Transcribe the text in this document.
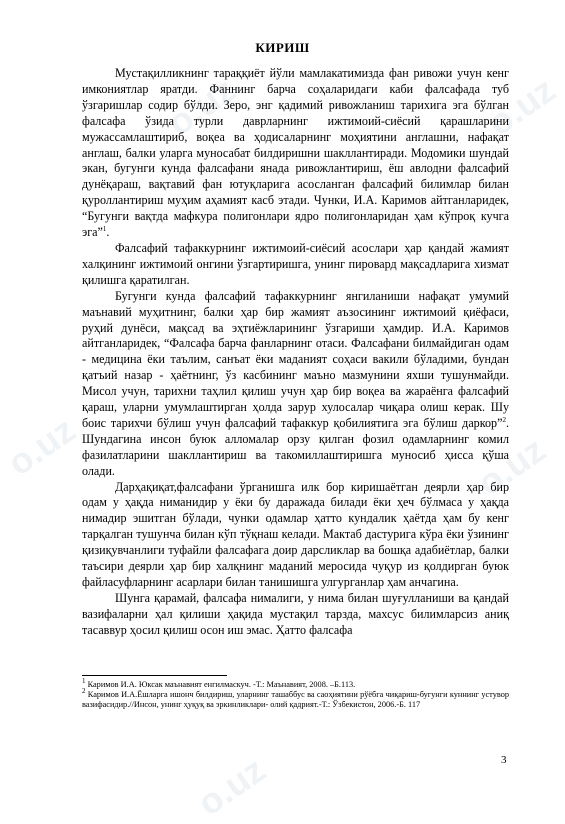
o.uz	o.uz
o.uz	o.uz
o.uz
КИРИШ

Мустақилликнинг тараққиёт йўли мамлакатимизда фан ривожи учун кенг имкониятлар яратди. Фаннинг барча соҳаларидаги каби фалсафада туб ўзгаришлар содир бўлди. Зеро, энг қадимий ривожланиш тарихига эга бўлган фалсафа ўзида турли даврларнинг ижтимоий-сиёсий қарашларини мужассамлаштириб, воқеа ва ҳодисаларнинг моҳиятини англашни, нафақат англаш, балки уларга муносабат билдиришни шакллантиради. Модомики шундай экан, бугунги кунда фалсафани янада ривожлантириш, ёш авлодни фалсафий дунёқараш, вақтавий фан ютуқларига асосланган фалсафий билимлар билан қуроллантириш муҳим аҳамият касб этади. Чунки, И.А. Каримов айтганларидек, “Бугунги вақтда мафкура полигонлари ядро полигонларидан ҳам кўпроқ кучга эга”$^1$.

Фалсафий тафаккурнинг ижтимоий-сиёсий асослари ҳар қандай жамият халқининг ижтимоий онгини ўзгартиришга, унинг пировард мақсадларига хизмат қилишга қаратилган.

Бугунги кунда фалсафий тафаккурнинг янгиланиши нафақат умумий маънавий муҳитнинг, балки ҳар бир жамият аъзосининг ижтимоий қиёфаси, руҳий дунёси, мақсад ва эҳтиёжларининг ўзгариши ҳамдир. И.А. Каримов айтганларидек, “Фалсафа барча фанларнинг отаси. Фалсафани билмайдиган одам - медицина ёки таълим, санъат ёки маданият соҳаси вакили бўладими, бундан қатъий назар - ҳаётнинг, ўз касбининг маъно мазмунини яхши тушунмайди. Мисол учун, тарихни таҳлил қилиш учун ҳар бир воқеа ва жараёнга фалсафий қараш, уларни умумлаштирган ҳолда зарур хулосалар чиқара олиш керак. Шу боис тарихчи бўлиш учун фалсафий тафаккур қобилиятига эга бўлиш даркор”$^2$. Шундагина инсон буюк алломалар орзу қилган фозил одамларнинг комил фазилатларини шакллантириш ва такомиллаштиришга муносиб ҳисса қўша олади.

Дарҳақиқат,фалсафани ўрганишга илк бор киришаётган деярли ҳар бир одам у ҳақда ниманидир у ёки бу даражада билади ёки ҳеч бўлмаса у ҳақда нимадир эшитган бўлади, чунки одамлар ҳатто кундалик ҳаётда ҳам бу кенг тарқалган тушунча билан кўп тўқнаш келади. Мактаб дастурига кўра ёки ўзининг қизиқувчанлиги туфайли фалсафага доир дарсликлар ва бошқа адабиётлар, балки таъсири деярли ҳар бир халқнинг маданий меросида чуқур из қолдирган буюк файласуфларнинг асарлари билан танишишга улгурганлар ҳам анчагина.

Шунга қарамай, фалсафа нималиги, у нима билан шуғулланиши ва қандай вазифаларни ҳал қилиши ҳақида мустақил тарзда, махсус билимларсиз аниқ тасаввур ҳосил қилиш осон иш эмас. Ҳатто фалсафа

$^1$ Каримов И.А. Юксак маънавият енгилмаскуч. -Т.: Маънавият, 2008. –Б.113.

$^2$ Каримов И.А.Ёшларга ишонч билдириш, уларнинг ташаббус ва саоҳиятини рўёбга чиқариш-бугунги куннинг устувор вазифасидир.//Инсон, унинг ҳуқуқ ва эркинликлари- олий қадрият.-Т.: Ўзбекистон, 2006.-Б. 117

3
